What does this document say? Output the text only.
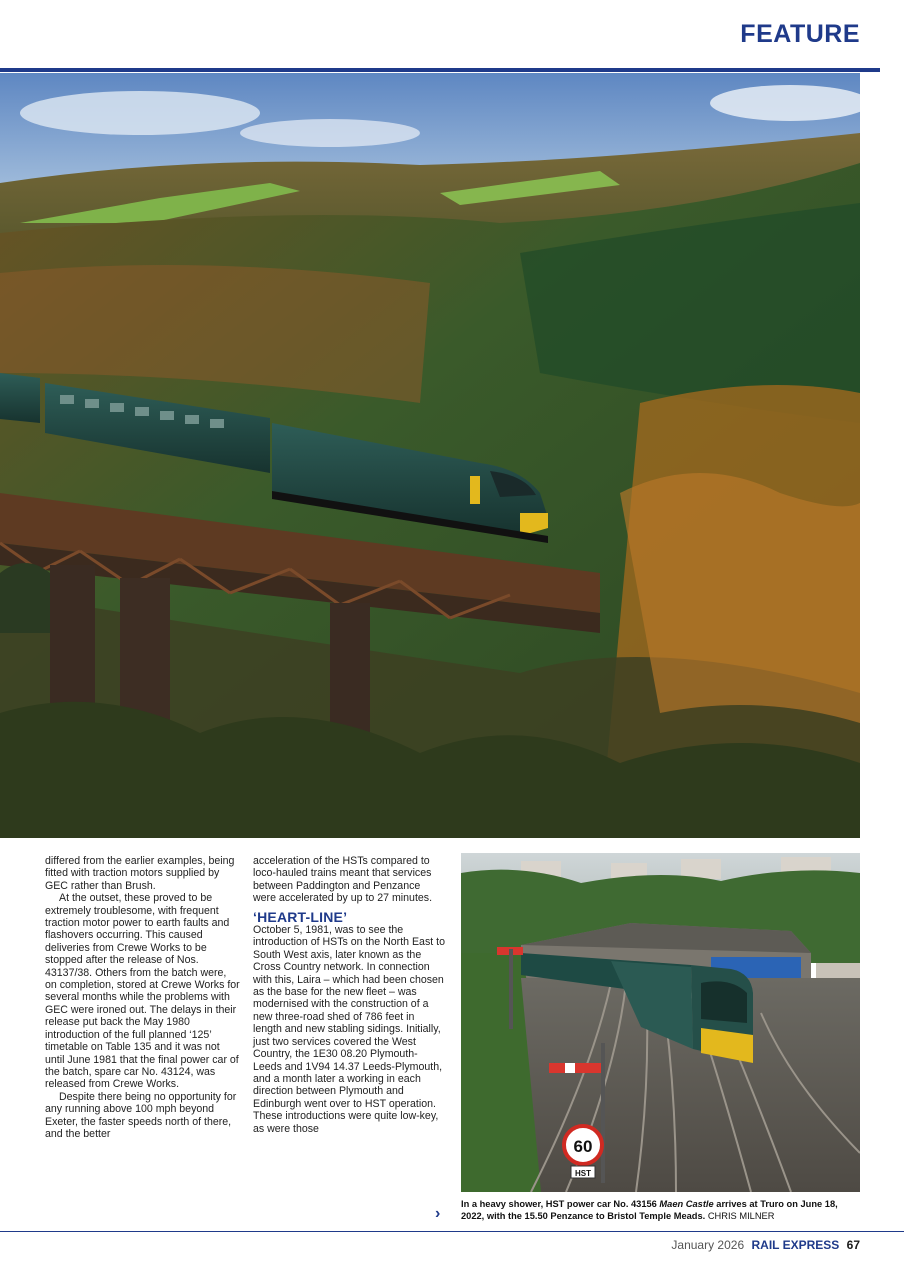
FEATURE

differed from the earlier examples, being fitted with traction motors supplied by GEC rather than Brush.

At the outset, these proved to be extremely troublesome, with frequent traction motor power to earth faults and flashovers occurring. This caused deliveries from Crewe Works to be stopped after the release of Nos. 43137/38. Others from the batch were, on completion, stored at Crewe Works for several months while the problems with GEC were ironed out. The delays in their release put back the May 1980 introduction of the full planned ‘125’ timetable on Table 135 and it was not until June 1981 that the final power car of the batch, spare car No. 43124, was released from Crewe Works.

Despite there being no opportunity for any running above 100 mph beyond Exeter, the faster speeds north of there, and the better

acceleration of the HSTs compared to loco-hauled trains meant that services between Paddington and Penzance were accelerated by up to 27 minutes.

‘HEART-LINE’

October 5, 1981, was to see the introduction of HSTs on the North East to South West axis, later known as the Cross Country network. In connection with this, Laira – which had been chosen as the base for the new fleet – was modernised with the construction of a new three-road shed of 786 feet in length and new stabling sidings. Initially, just two services covered the West Country, the 1E30 08.20 Plymouth-Leeds and 1V94 14.37 Leeds-Plymouth, and a month later a working in each direction between Plymouth and Edinburgh went over to HST operation. These introductions were quite low-key, as were those

›
60
HST
In a heavy shower, HST power car No. 43156 Maen Castle arrives at Truro on June 18, 2022, with the 15.50 Penzance to Bristol Temple Meads. CHRIS MILNER
January 2026 RAIL EXPRESS 67
